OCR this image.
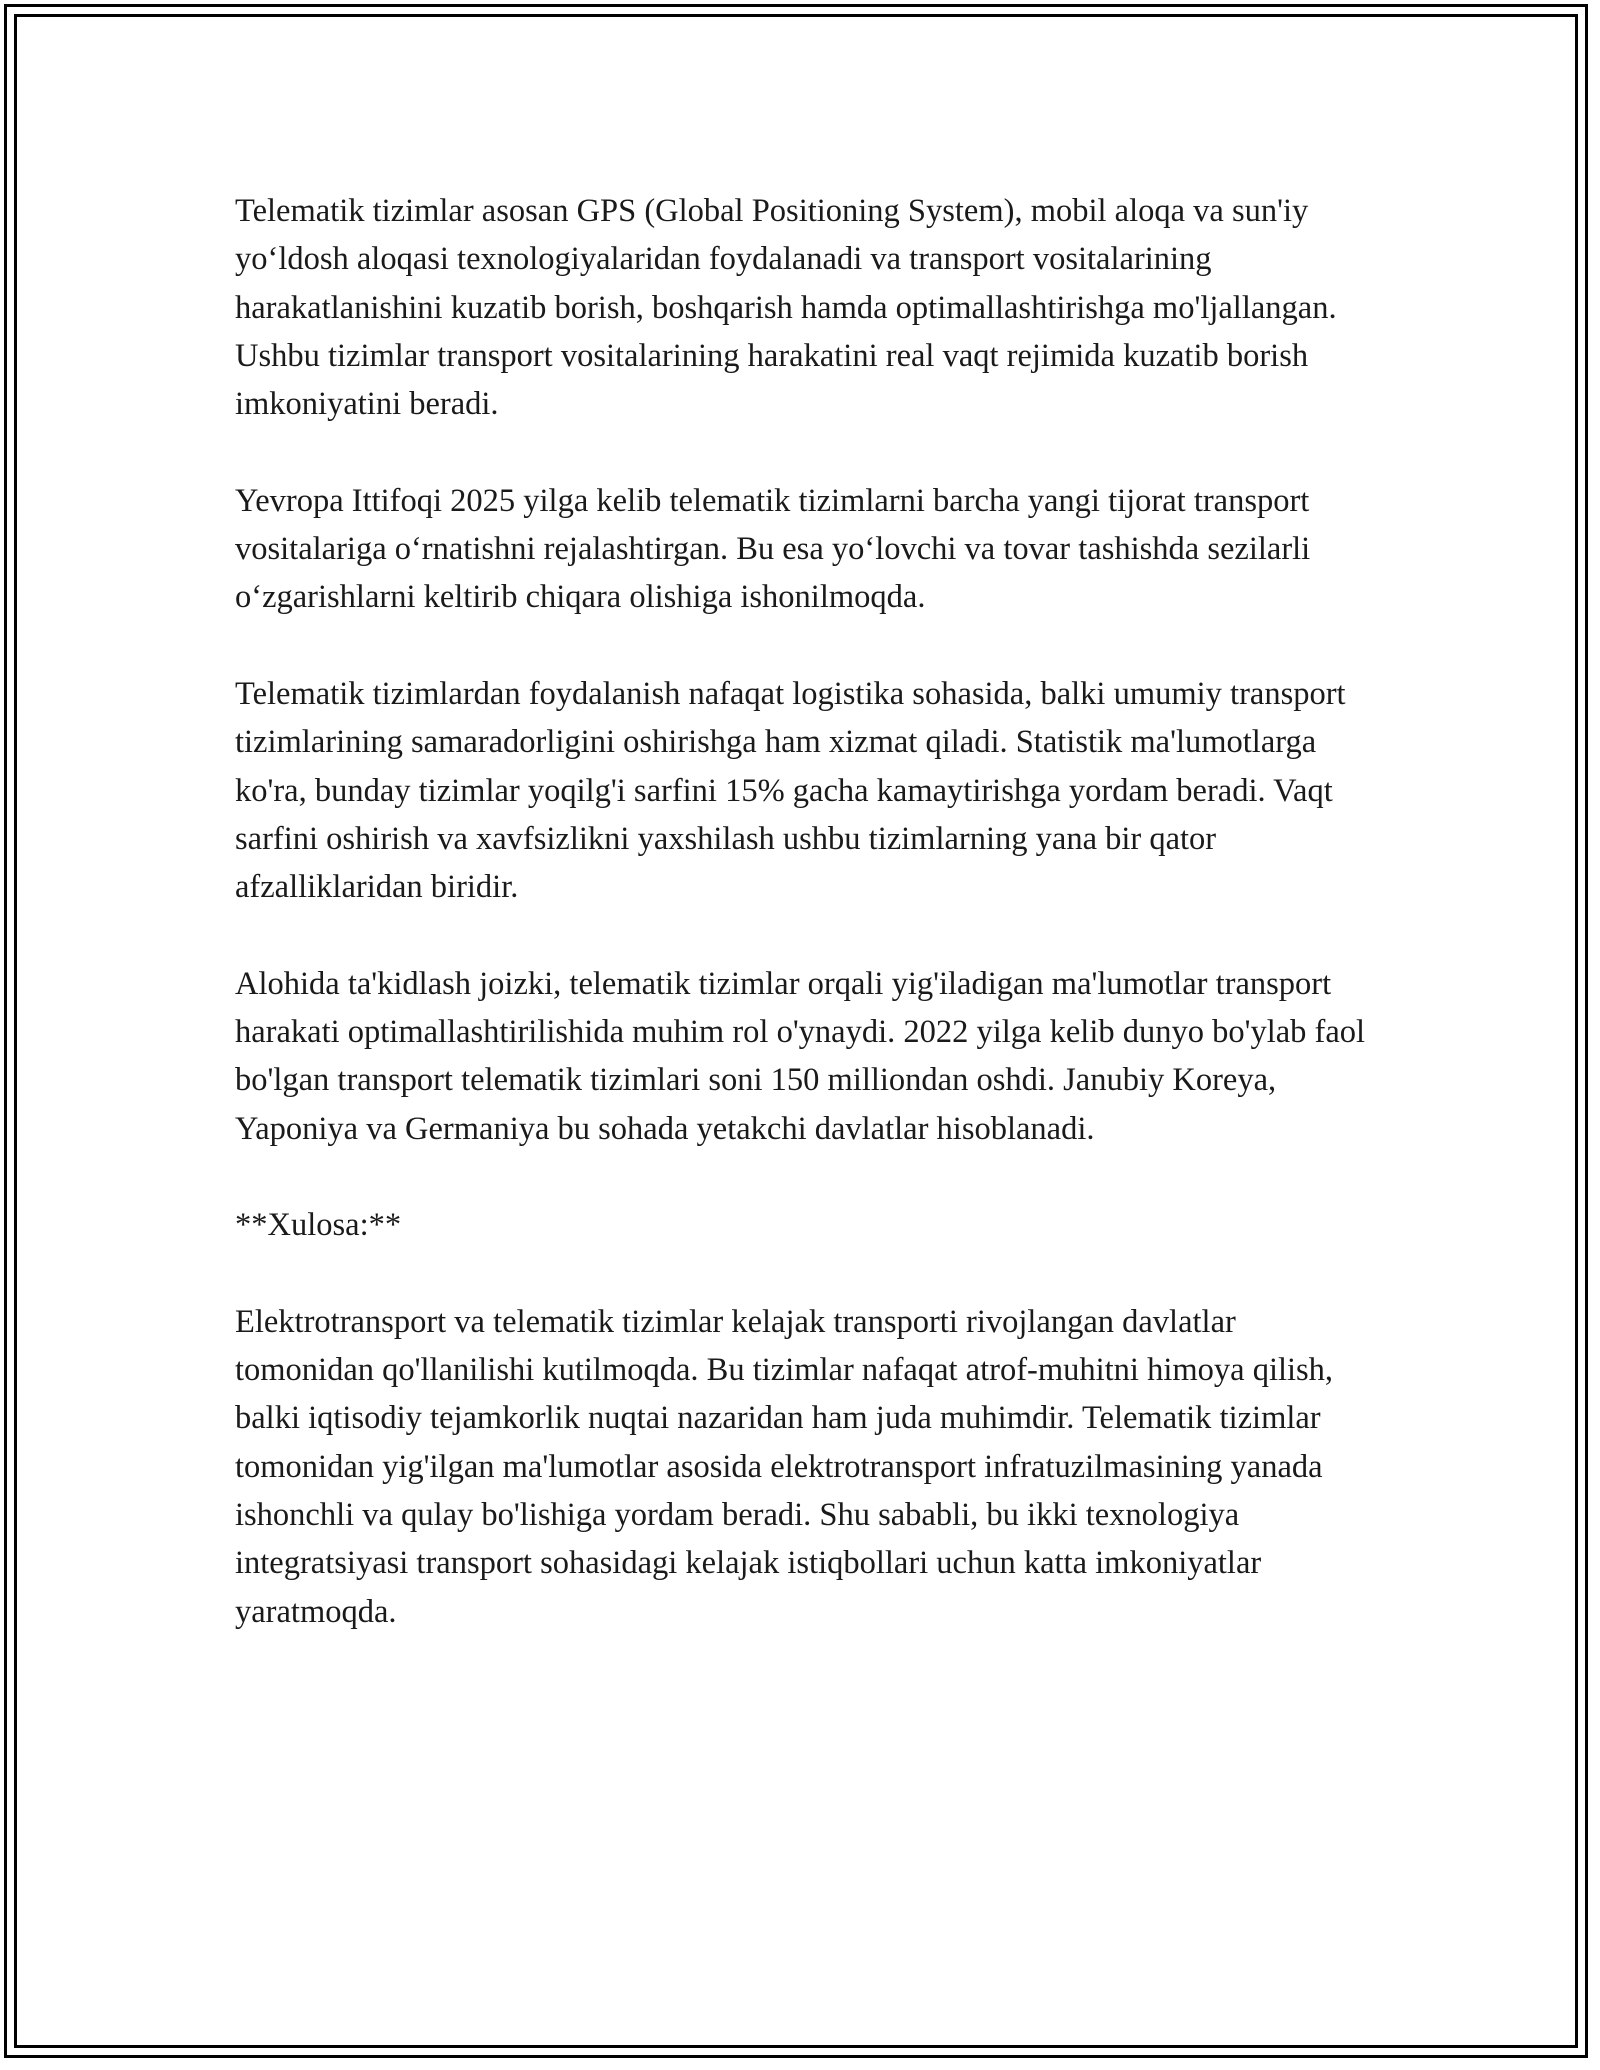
Telematik tizimlar asosan GPS (Global Positioning System), mobil aloqa va sun'iy yo‘ldosh aloqasi texnologiyalaridan foydalanadi va transport vositalarining harakatlanishini kuzatib borish, boshqarish hamda optimallashtirishga mo'ljallangan. Ushbu tizimlar transport vositalarining harakatini real vaqt rejimida kuzatib borish imkoniyatini beradi.

Yevropa Ittifoqi 2025 yilga kelib telematik tizimlarni barcha yangi tijorat transport vositalariga o‘rnatishni rejalashtirgan. Bu esa yo‘lovchi va tovar tashishda sezilarli o‘zgarishlarni keltirib chiqara olishiga ishonilmoqda.

Telematik tizimlardan foydalanish nafaqat logistika sohasida, balki umumiy transport tizimlarining samaradorligini oshirishga ham xizmat qiladi. Statistik ma'lumotlarga ko'ra, bunday tizimlar yoqilg'i sarfini 15% gacha kamaytirishga yordam beradi. Vaqt sarfini oshirish va xavfsizlikni yaxshilash ushbu tizimlarning yana bir qator afzalliklaridan biridir.

Alohida ta'kidlash joizki, telematik tizimlar orqali yig'iladigan ma'lumotlar transport harakati optimallashtirilishida muhim rol o'ynaydi. 2022 yilga kelib dunyo bo'ylab faol bo'lgan transport telematik tizimlari soni 150 milliondan oshdi. Janubiy Koreya, Yaponiya va Germaniya bu sohada yetakchi davlatlar hisoblanadi.

**Xulosa:**

Elektrotransport va telematik tizimlar kelajak transporti rivojlangan davlatlar tomonidan qo'llanilishi kutilmoqda. Bu tizimlar nafaqat atrof-muhitni himoya qilish, balki iqtisodiy tejamkorlik nuqtai nazaridan ham juda muhimdir. Telematik tizimlar tomonidan yig'ilgan ma'lumotlar asosida elektrotransport infratuzilmasining yanada ishonchli va qulay bo'lishiga yordam beradi. Shu sababli, bu ikki texnologiya integratsiyasi transport sohasidagi kelajak istiqbollari uchun katta imkoniyatlar yaratmoqda.
